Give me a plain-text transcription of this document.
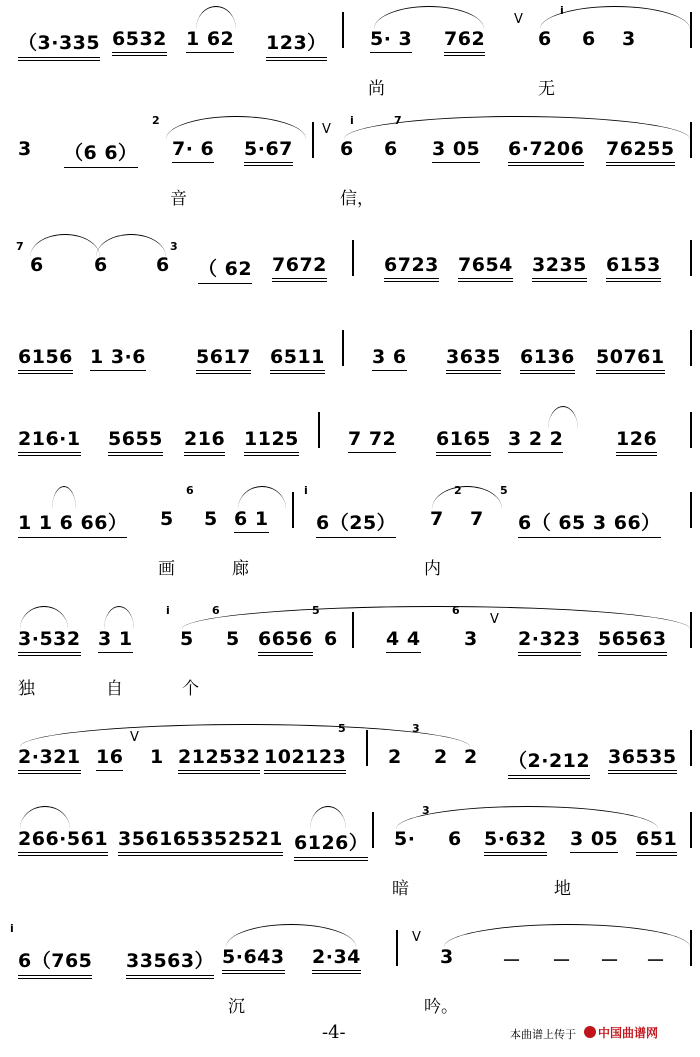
（3·335 6532 1 62 123） 5· 3 762	6 6 3
V
i
尚	无
3 （6 6） 7· 6 5·67 6 6 3 05 6·7206 76255
V
2	i	7
音	信，
6	6	6 （ 62 7672	6723 7654 3235 6153
7	3
6156 1 3·6	5617 6511 3 6 3635 6136 50761
216·1 5655 216 1125	7 72 6165 3 2 2	126
1 1 6 66） 5 5 6 1 6（25） 7 7 6（ 65 3 66）
6	i	2	5
画	廊	内
3·532 3 1 5 5 6656 6	4 4 3 2·323 56563
V
i	6	5	6
独	自	个
2·321 16 1 212532 102123 2 2 2 （2·212 36535
V
5	3
266·561 35616535 2521 6126） 5· 6 5·632 3 05 651
3
暗	地
6（765 33563） 5·643 2·34	3	－ － － －
V
i
沉	吟。
-4-	本曲谱上传于 中国曲谱网
